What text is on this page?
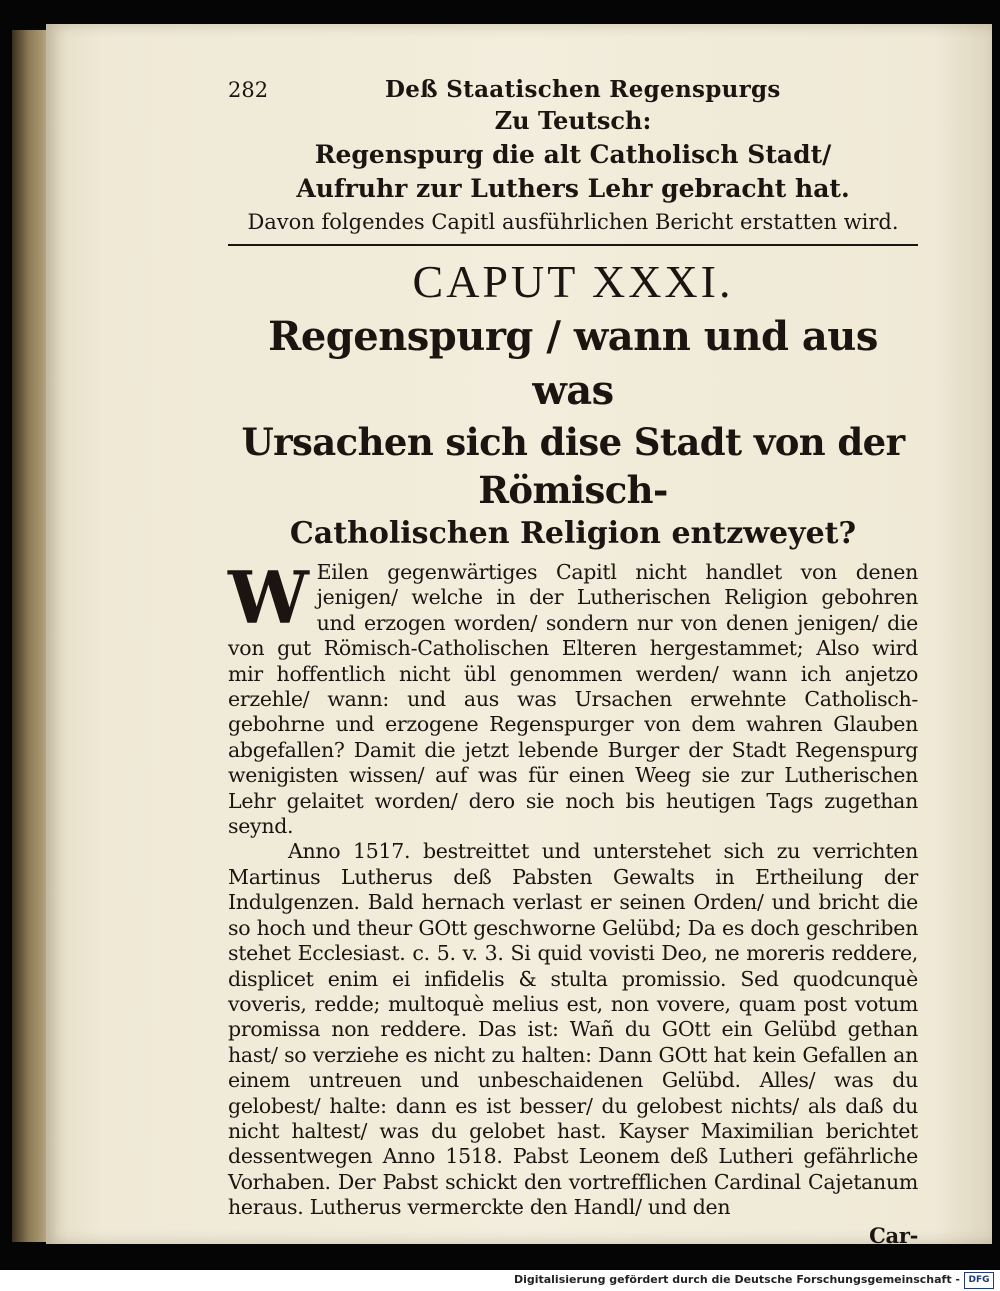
282	Deß Staatischen Regenspurgs
Zu Teutsch:
Regenspurg die alt Catholisch Stadt/
Aufruhr zur Luthers Lehr gebracht hat.
Davon folgendes Capitl ausführlichen Bericht erstatten wird.
CAPUT XXXI.
Regenspurg / wann und aus was
Ursachen sich dise Stadt von der Römisch-
Catholischen Religion entzweyet?

W Eilen gegenwärtiges Capitl nicht handlet von denen jenigen/ welche in der Lutherischen Religion gebohren und erzogen worden/ sondern nur von denen jenigen/ die von gut Römisch-Catholischen Elteren hergestammet; Also wird mir hoffentlich nicht übl genommen werden/ wann ich anjetzo erzehle/ wann: und aus was Ursachen erwehnte Catholisch-gebohrne und erzogene Regenspurger von dem wahren Glauben abgefallen? Damit die jetzt lebende Burger der Stadt Regenspurg wenigisten wissen/ auf was für einen Weeg sie zur Lutherischen Lehr gelaitet worden/ dero sie noch bis heutigen Tags zugethan seynd.

Anno 1517. bestreittet und unterstehet sich zu verrichten Martinus Lutherus deß Pabsten Gewalts in Ertheilung der Indulgenzen. Bald hernach verlast er seinen Orden/ und bricht die so hoch und theur GOtt geschworne Gelübd; Da es doch geschriben stehet Ecclesiast. c. 5. v. 3. Si quid vovisti Deo, ne moreris reddere, displicet enim ei infidelis & stulta promissio. Sed quodcunquè voveris, redde; multoquè melius est, non vovere, quam post votum promissa non reddere. Das ist: Wañ du GOtt ein Gelübd gethan hast/ so verziehe es nicht zu halten: Dann GOtt hat kein Gefallen an einem untreuen und unbeschaidenen Gelübd. Alles/ was du gelobest/ halte: dann es ist besser/ du gelobest nichts/ als daß du nicht haltest/ was du gelobet hast. Kayser Maximilian berichtet dessentwegen Anno 1518. Pabst Leonem deß Lutheri gefährliche Vorhaben. Der Pabst schickt den vortrefflichen Cardinal Cajetanum heraus. Lutherus vermerckte den Handl/ und den

Car-
Digitalisierung gefördert durch die Deutsche Forschungsgemeinschaft - DFG
